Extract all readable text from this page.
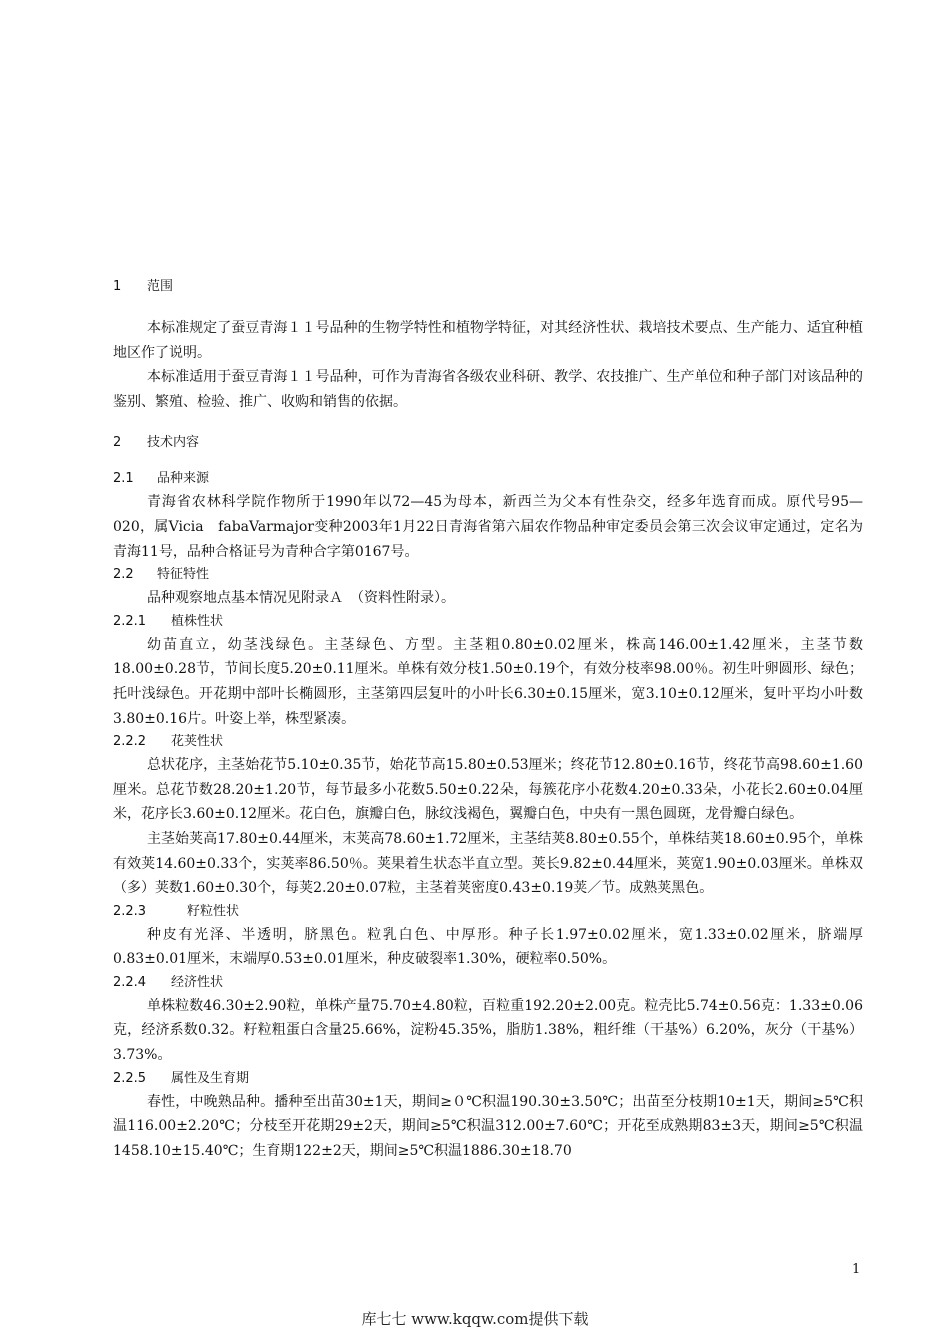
1 范围

本标准规定了蚕豆青海１１号品种的生物学特性和植物学特征，对其经济性状、栽培技术要点、生产能力、适宜种植地区作了说明。

本标准适用于蚕豆青海１１号品种，可作为青海省各级农业科研、教学、农技推广、生产单位和种子部门对该品种的鉴别、繁殖、检验、推广、收购和销售的依据。

2 技术内容
2.1 品种来源

青海省农林科学院作物所于1990年以72—45为母本，新西兰为父本有性杂交，经多年选育而成。原代号95—020，属Vicia　fabaVarmajor变种2003年1月22日青海省第六届农作物品种审定委员会第三次会议审定通过，定名为青海11号，品种合格证号为青种合字第0167号。

2.2 特征特性

品种观察地点基本情况见附录Ａ　（资料性附录）。

2.2.1 植株性状

幼苗直立，幼茎浅绿色。主茎绿色、方型。主茎粗0.80±0.02厘米，株高146.00±1.42厘米，主茎节数18.00±0.28节，节间长度5.20±0.11厘米。单株有效分枝1.50±0.19个，有效分枝率98.00％。初生叶卵圆形、绿色；托叶浅绿色。开花期中部叶长椭圆形，主茎第四层复叶的小叶长6.30±0.15厘米，宽3.10±0.12厘米，复叶平均小叶数3.80±0.16片。叶姿上举，株型紧凑。

2.2.2 花荚性状

总状花序，主茎始花节5.10±0.35节，始花节高15.80±0.53厘米；终花节12.80±0.16节，终花节高98.60±1.60厘米。总花节数28.20±1.20节，每节最多小花数5.50±0.22朵，每簇花序小花数4.20±0.33朵，小花长2.60±0.04厘米，花序长3.60±0.12厘米。花白色，旗瓣白色，脉纹浅褐色，翼瓣白色，中央有一黑色圆斑，龙骨瓣白绿色。

主茎始荚高17.80±0.44厘米，末荚高78.60±1.72厘米，主茎结荚8.80±0.55个，单株结荚18.60±0.95个，单株有效荚14.60±0.33个，实荚率86.50％。荚果着生状态半直立型。荚长9.82±0.44厘米，荚宽1.90±0.03厘米。单株双（多）荚数1.60±0.30个，每荚2.20±0.07粒，主茎着荚密度0.43±0.19荚／节。成熟荚黑色。

2.2.3	籽粒性状

种皮有光泽、半透明，脐黑色。粒乳白色、中厚形。种子长1.97±0.02厘米，宽1.33±0.02厘米，脐端厚0.83±0.01厘米，末端厚0.53±0.01厘米，种皮破裂率1.30%，硬粒率0.50%。

2.2.4 经济性状

单株粒数46.30±2.90粒，单株产量75.70±4.80粒，百粒重192.20±2.00克。粒壳比5.74±0.56克：1.33±0.06克，经济系数0.32。籽粒粗蛋白含量25.66%，淀粉45.35%，脂肪1.38%，粗纤维（干基%）6.20%，灰分（干基%）3.73%。

2.2.5 属性及生育期

春性，中晚熟品种。播种至出苗30±1天，期间≥０℃积温190.30±3.50℃；出苗至分枝期10±1天，期间≥5℃积温116.00±2.20℃；分枝至开花期29±2天，期间≥5℃积温312.00±7.60℃；开花至成熟期83±3天，期间≥5℃积温1458.10±15.40℃；生育期122±2天，期间≥5℃积温1886.30±18.70

1
库七七 www.kqqw.com提供下载
